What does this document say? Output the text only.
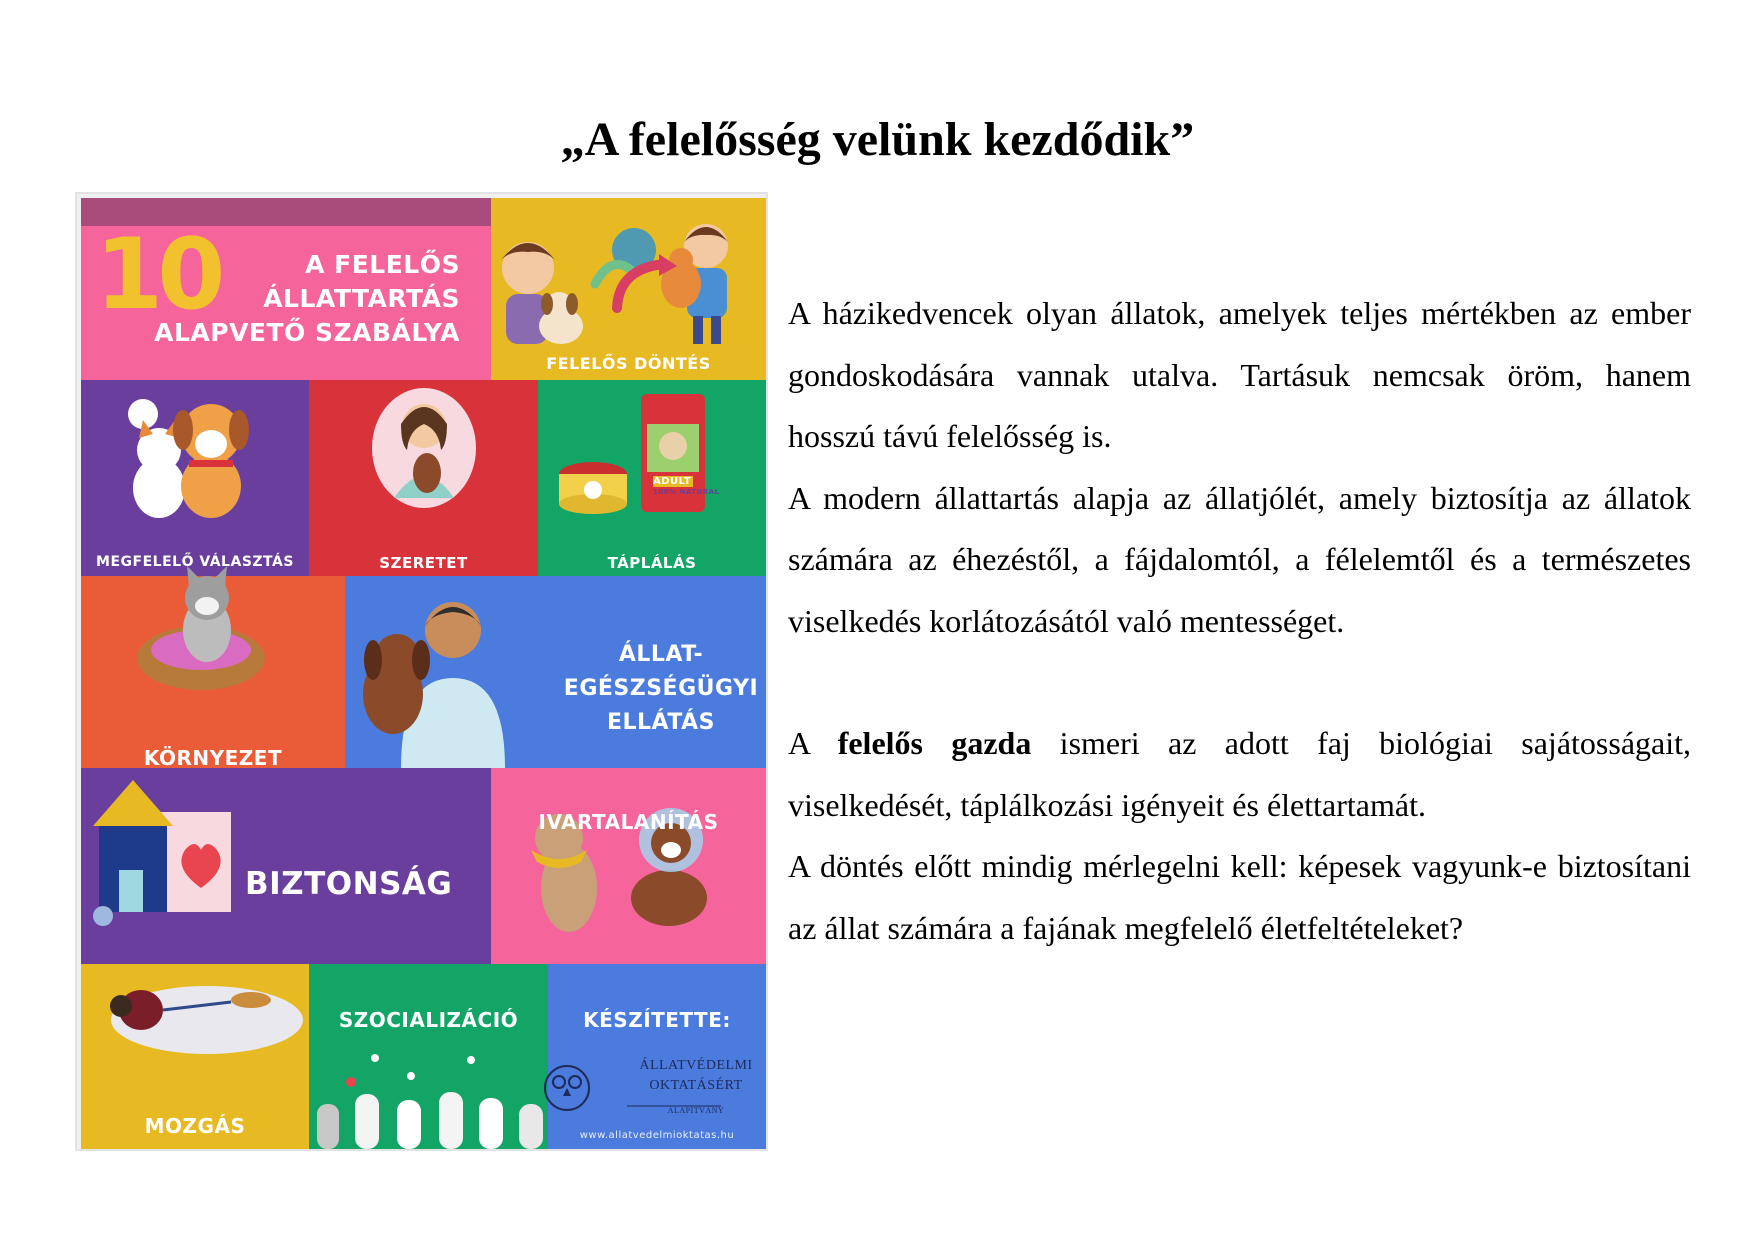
„A felelősség velünk kezdődik”
10	A FELELŐS
ÁLLATTARTÁS
ALAPVETŐ SZABÁLYA
FELELŐS DÖNTÉS
MEGFELELŐ VÁLASZTÁS	SZERETET	TÁPLÁLÁS
ADULT
100% NATURAL
KÖRNYEZET
ÁLLAT-
EGÉSZSÉGÜGYI
ELLÁTÁS
BIZTONSÁG
IVARTALANÍTÁS
MOZGÁS
SZOCIALIZÁCIÓ	KÉSZÍTETTE:
ÁLLATVÉDELMI
OKTATÁSÉRT
ALAPÍTVÁNY
www.allatvedelmioktatas.hu

A házikedvencek olyan állatok, amelyek teljes mértékben az ember gondoskodására vannak utalva. Tartásuk nemcsak öröm, hanem hosszú távú felelősség is.

A modern állattartás alapja az állatjólét, amely biztosítja az állatok számára az éhezéstől, a fájdalomtól, a félelemtől és a természetes viselkedés korlátozásától való mentességet.

A felelős gazda ismeri az adott faj biológiai sajátosságait, viselkedését, táplálkozási igényeit és élettartamát.

A döntés előtt mindig mérlegelni kell: képesek vagyunk-e biztosítani az állat számára a fajának megfelelő életfeltételeket?
